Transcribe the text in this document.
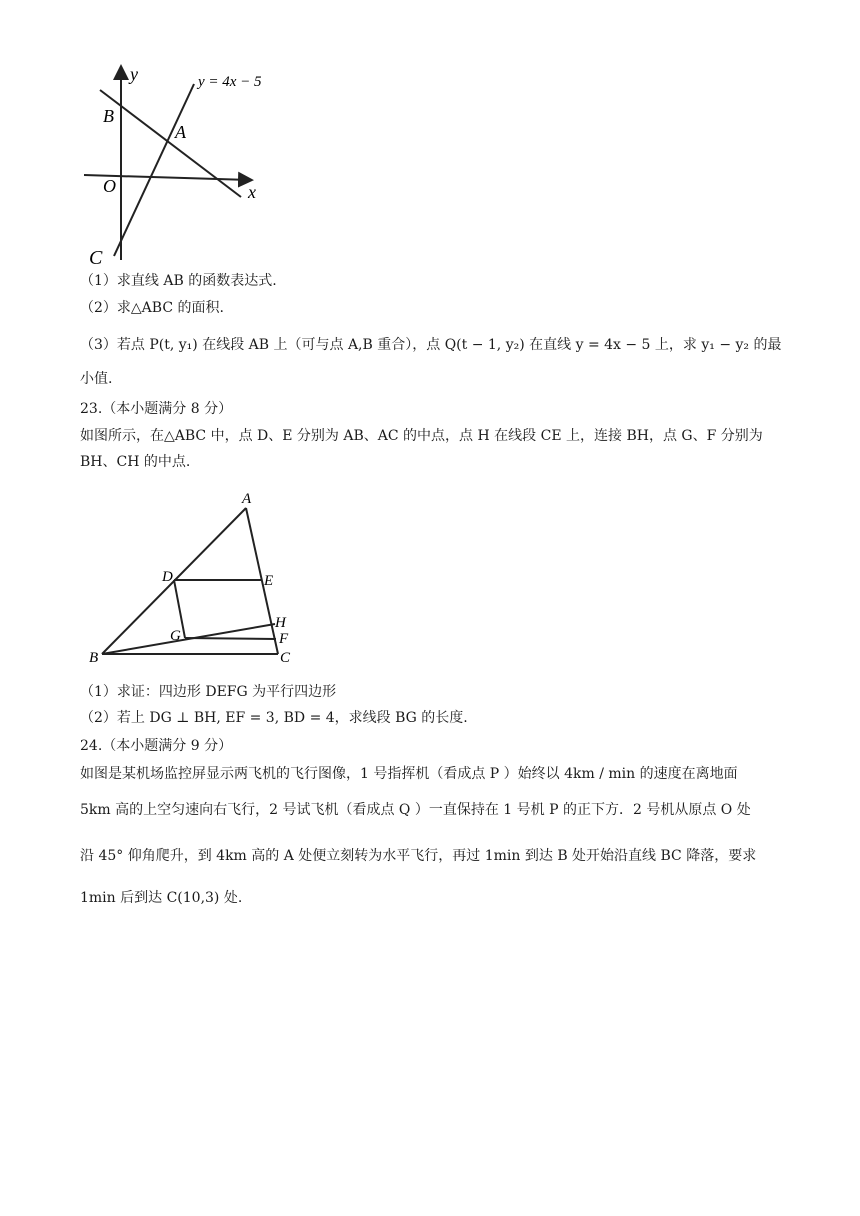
y	y = 4x − 5
B
A
O	x
C
（1）求直线 AB 的函数表达式.
（2）求△ABC 的面积.
（3）若点 P(t, y₁) 在线段 AB 上（可与点 A,B 重合），点 Q(t − 1, y₂) 在直线 y = 4x − 5 上，求 y₁ − y₂ 的最
小值.
23.（本小题满分 8 分）
如图所示，在△ABC 中，点 D、E 分别为 AB、AC 的中点，点 H 在线段 CE 上，连接 BH，点 G、F 分别为
BH、CH 的中点.
A
D	E
H
F
G
B	C
（1）求证：四边形 DEFG 为平行四边形
（2）若上 DG ⊥ BH, EF = 3, BD = 4，求线段 BG 的长度.
24.（本小题满分 9 分）
如图是某机场监控屏显示两飞机的飞行图像，1 号指挥机（看成点 P ）始终以 4km / min 的速度在离地面
5km 高的上空匀速向右飞行，2 号试飞机（看成点 Q ）一直保持在 1 号机 P 的正下方．2 号机从原点 O 处
沿 45° 仰角爬升，到 4km 高的 A 处便立刻转为水平飞行，再过 1min 到达 B 处开始沿直线 BC 降落，要求
1min 后到达 C(10,3) 处.
